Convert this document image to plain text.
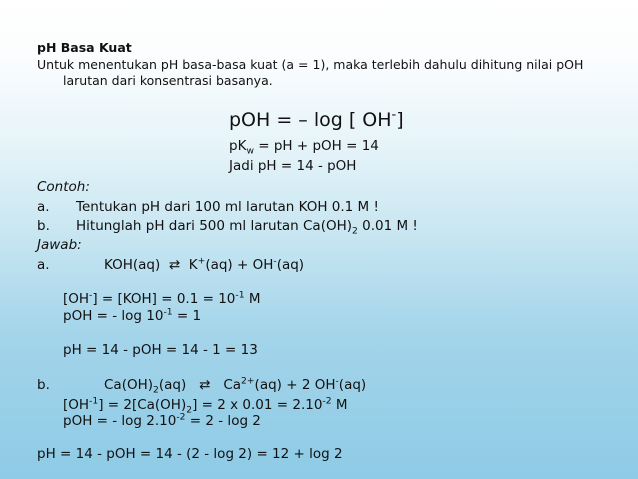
pH Basa Kuat
Untuk menentukan pH basa-basa kuat (a = 1), maka terlebih dahulu dihitung nilai pOH
larutan dari konsentrasi basanya.
pOH = – log [ OH-]
$pK_w$ = pH + pOH = 14
Jadi pH = 14 - pOH
Contoh:
a. Tentukan pH dari 100 ml larutan KOH 0.1 M !
b. Hitunglah pH dari 500 ml larutan $Ca(OH)_2$ 0.01 M !
Jawab:
a.	KOH(aq) ⇄ K+(aq) + OH-(aq)
$[OH^-] = [KOH] = 0.1 = 10^{-1}$ M
pOH = - $\log 10^{-1} = 1$
pH = 14 - pOH = 14 - 1 = 13
b.	$Ca(OH)_2(aq)$ ⇄ $Ca^{2+}(aq) + 2$ OH-(aq)
$[OH^{-1}] = 2[Ca(OH)_2] = 2$ x $0.01 = 2.10^{-2}$ M
pOH = - $\log 2.10^{-2} = 2 - \log 2$
pH = 14 - pOH = 14 - (2 - log 2) = 12 + log 2
